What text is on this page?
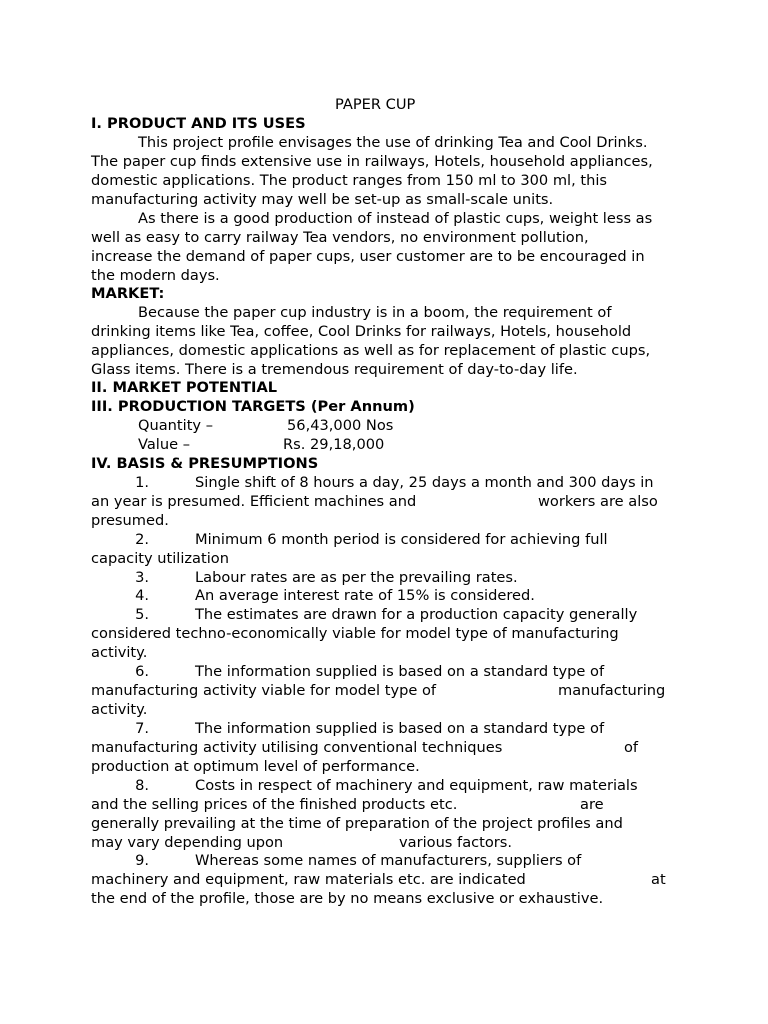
PAPER CUP
I. PRODUCT AND ITS USES
This project profile envisages the use of drinking Tea and Cool Drinks.
The paper cup finds extensive use in railways, Hotels, household appliances,
domestic applications. The product ranges from 150 ml to 300 ml, this
manufacturing activity may well be set-up as small-scale units.
As there is a good production of instead of plastic cups, weight less as
well as easy to carry railway Tea vendors, no environment pollution,
increase the demand of paper cups, user customer are to be encouraged in
the modern days.
MARKET:
Because the paper cup industry is in a boom, the requirement of
drinking items like Tea, coffee, Cool Drinks for railways, Hotels, household
appliances, domestic applications as well as for replacement of plastic cups,
Glass items. There is a tremendous requirement of day-to-day life.
II. MARKET POTENTIAL
III. PRODUCTION TARGETS (Per Annum)
Quantity –	56,43,000 Nos
Value –	Rs. 29,18,000
IV. BASIS & PRESUMPTIONS
1.	Single shift of 8 hours a day, 25 days a month and 300 days in
an year is presumed. Efficient machines and	workers are also
presumed.
2.	Minimum 6 month period is considered for achieving full
capacity utilization
3.	Labour rates are as per the prevailing rates.
4.	An average interest rate of 15% is considered.
5.	The estimates are drawn for a production capacity generally
considered techno-economically viable for model type of manufacturing
activity.
6.	The information supplied is based on a standard type of
manufacturing activity viable for model type of	manufacturing
activity.
7.	The information supplied is based on a standard type of
manufacturing activity utilising conventional techniques	of
production at optimum level of performance.
8.	Costs in respect of machinery and equipment, raw materials
and the selling prices of the finished products etc.	are
generally prevailing at the time of preparation of the project profiles and
may vary depending upon	various factors.
9.	Whereas some names of manufacturers, suppliers of
machinery and equipment, raw materials etc. are indicated	at
the end of the profile, those are by no means exclusive or exhaustive.
